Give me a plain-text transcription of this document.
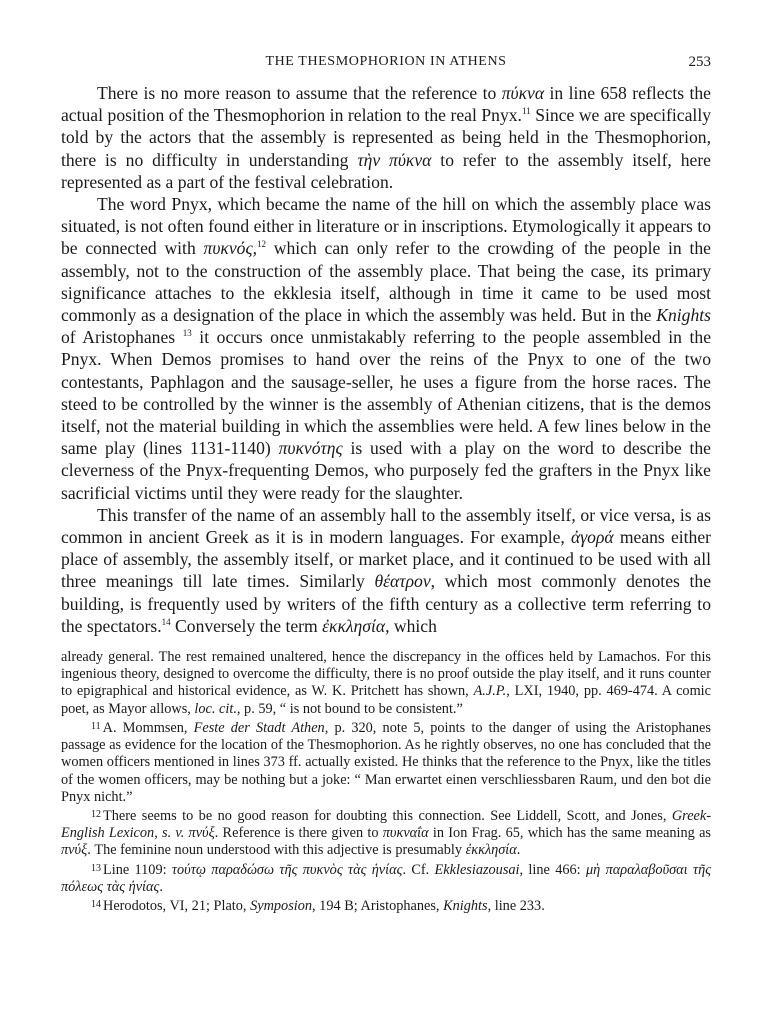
THE THESMOPHORION IN ATHENS	253

There is no more reason to assume that the reference to πύκνα in line 658 reflects the actual position of the Thesmophorion in relation to the real Pnyx.$^{11}$ Since we are specifically told by the actors that the assembly is represented as being held in the Thesmophorion, there is no difficulty in understanding τὴν πύκνα to refer to the assembly itself, here represented as a part of the festival celebration.

The word Pnyx, which became the name of the hill on which the assembly place was situated, is not often found either in literature or in inscriptions. Etymologically it appears to be connected with πυκνός,$^{12}$ which can only refer to the crowding of the people in the assembly, not to the construction of the assembly place. That being the case, its primary significance attaches to the ekklesia itself, although in time it came to be used most commonly as a designation of the place in which the assembly was held. But in the Knights of Aristophanes $^{13}$ it occurs once unmistakably referring to the people assembled in the Pnyx. When Demos promises to hand over the reins of the Pnyx to one of the two contestants, Paphlagon and the sausage-seller, he uses a figure from the horse races. The steed to be controlled by the winner is the assembly of Athenian citizens, that is the demos itself, not the material building in which the assemblies were held. A few lines below in the same play (lines 1131-1140) πυκνότης is used with a play on the word to describe the cleverness of the Pnyx-frequenting Demos, who purposely fed the grafters in the Pnyx like sacrificial victims until they were ready for the slaughter.

This transfer of the name of an assembly hall to the assembly itself, or vice versa, is as common in ancient Greek as it is in modern languages. For example, ἀγορά means either place of assembly, the assembly itself, or market place, and it continued to be used with all three meanings till late times. Similarly θέατρον, which most commonly denotes the building, is frequently used by writers of the fifth century as a collective term referring to the spectators.$^{14}$ Conversely the term ἐκκλησία, which

already general. The rest remained unaltered, hence the discrepancy in the offices held by Lamachos. For this ingenious theory, designed to overcome the difficulty, there is no proof outside the play itself, and it runs counter to epigraphical and historical evidence, as W. K. Pritchett has shown, A.J.P., LXI, 1940, pp. 469-474. A comic poet, as Mayor allows, loc. cit., p. 59, “ is not bound to be consistent.”

$^{11}$ A. Mommsen, Feste der Stadt Athen, p. 320, note 5, points to the danger of using the Aristophanes passage as evidence for the location of the Thesmophorion. As he rightly observes, no one has concluded that the women officers mentioned in lines 373 ff. actually existed. He thinks that the reference to the Pnyx, like the titles of the women officers, may be nothing but a joke: “ Man erwartet einen verschliessbaren Raum, und den bot die Pnyx nicht.”

$^{12}$ There seems to be no good reason for doubting this connection. See Liddell, Scott, and Jones, Greek-English Lexicon, s. v. πνύξ. Reference is there given to πυκναΐα in Ion Frag. 65, which has the same meaning as πνύξ. The feminine noun understood with this adjective is presumably ἐκκλησία.

$^{13}$ Line 1109: τούτῳ παραδώσω τῆς πυκνὸς τὰς ἡνίας. Cf. Ekklesiazousai, line 466: μὴ παραλαβοῦσαι τῆς πόλεως τὰς ἡνίας.

$^{14}$ Herodotos, VI, 21; Plato, Symposion, 194 B; Aristophanes, Knights, line 233.
